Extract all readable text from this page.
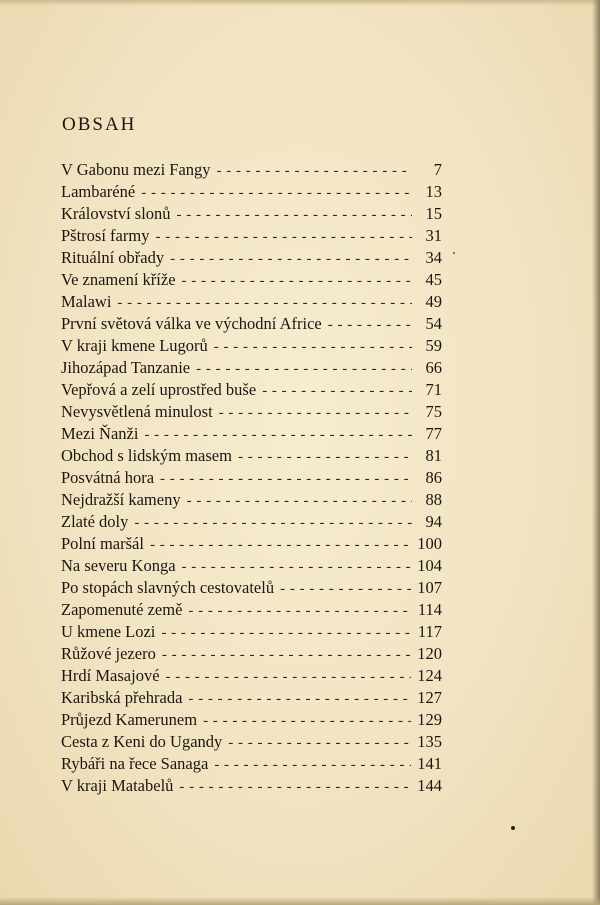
OBSAH
V Gabonu mezi Fangy - - -	7
Lambaréné - - -	13
Království slonů - - -	15
Pštrosí farmy - - -	31
Rituální obřady - - -	34
Ve znamení kříže - - -	45
Malawi - - -	49
První světová válka ve východní Africe - - -	54
V kraji kmene Lugorů - - -	59
Jihozápad Tanzanie - - -	66
Vepřová a zelí uprostřed buše - - -	71
Nevysvětlená minulost - - -	75
Mezi Ňanži - - -	77
Obchod s lidským masem - - -	81
Posvátná hora - - -	86
Nejdražší kameny - - -	88
Zlaté doly - - -	94
Polní maršál - - -	100
Na severu Konga - - -	104
Po stopách slavných cestovatelů - - -	107
Zapomenuté země - - -	114
U kmene Lozi - - -	117
Růžové jezero - - -	120
Hrdí Masajové - - -	124
Karibská přehrada - - -	127
Průjezd Kamerunem - - -	129
Cesta z Keni do Ugandy - - -	135
Rybáři na řece Sanaga - - -	141
V kraji Matabelů - - -	144
